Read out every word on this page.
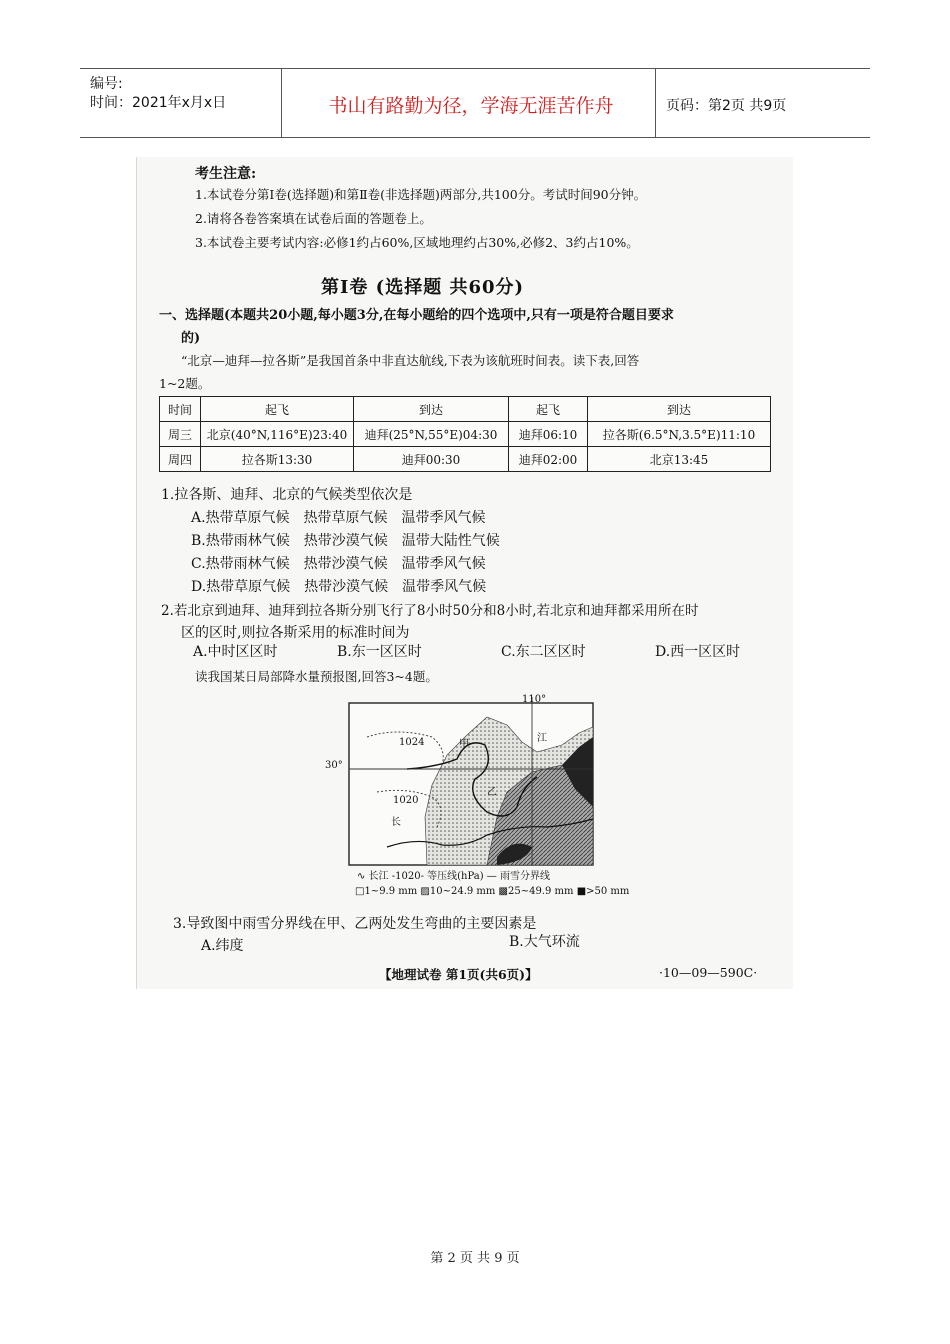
编号:
时间：2021年x月x日	书山有路勤为径，学海无涯苦作舟	页码：第2页 共9页
考生注意:
1.本试卷分第Ⅰ卷(选择题)和第Ⅱ卷(非选择题)两部分,共100分。考试时间90分钟。
2.请将各卷答案填在试卷后面的答题卷上。
3.本试卷主要考试内容:必修1约占60%,区域地理约占30%,必修2、3约占10%。
第Ⅰ卷 (选择题 共60分)
一、选择题(本题共20小题,每小题3分,在每小题给的四个选项中,只有一项是符合题目要求
的)
“北京—迪拜—拉各斯”是我国首条中非直达航线,下表为该航班时间表。读下表,回答
1~2题。
时间	起飞	到达	起飞	到达
周三	北京(40°N,116°E)23:40	迪拜(25°N,55°E)04:30	迪拜06:10	拉各斯(6.5°N,3.5°E)11:10
周四	拉各斯13:30	迪拜00:30	迪拜02:00	北京13:45
1.拉各斯、迪拜、北京的气候类型依次是
A.热带草原气候　热带草原气候　温带季风气候
B.热带雨林气候　热带沙漠气候　温带大陆性气候
C.热带雨林气候　热带沙漠气候　温带季风气候
D.热带草原气候　热带沙漠气候　温带季风气候
2.若北京到迪拜、迪拜到拉各斯分别飞行了8小时50分和8小时,若北京和迪拜都采用所在时
区的区时,则拉各斯采用的标准时间为
A.中时区区时	B.东一区区时	C.东二区区时	D.西一区区时
读我国某日局部降水量预报图,回答3~4题。
110°
30°
1024
1020
甲
乙
长
江
∿ 长江 -1020- 等压线(hPa) — 雨雪分界线
□1~9.9 mm ▨10~24.9 mm ▩25~49.9 mm ■>50 mm
3.导致图中雨雪分界线在甲、乙两处发生弯曲的主要因素是
A.纬度	B.大气环流
【地理试卷 第1页(共6页)】	·10—09—590C·
第 2 页 共 9 页
